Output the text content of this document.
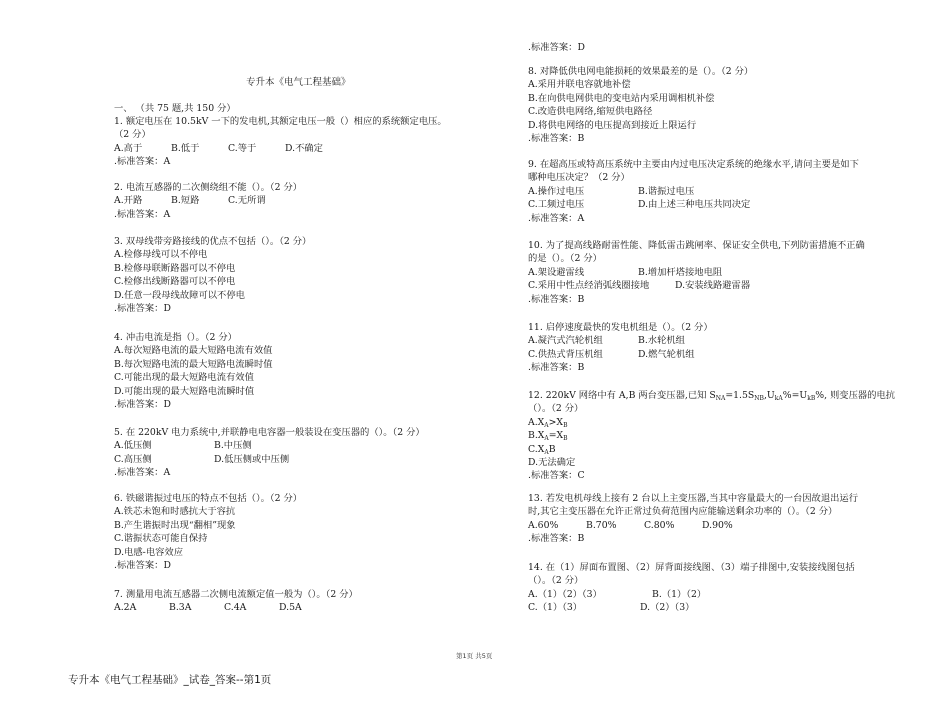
.标准答案：D

专升本《电气工程基础》
一、 （共 75 题,共 150 分）

1. 额定电压在 10.5kV 一下的发电机,其额定电压一般（）相应的系统额定电压。

（2 分）

A.高于	B.低于	C.等于	D.不确定

.标准答案：A

2. 电流互感器的二次侧绕组不能（）。（2 分）

A.开路	B.短路	C.无所谓

.标准答案：A

3. 双母线带旁路接线的优点不包括（）。（2 分）

A.检修母线可以不停电

B.检修母联断路器可以不停电

C.检修出线断路器可以不停电

D.任意一段母线故障可以不停电

.标准答案：D

4. 冲击电流是指（）。（2 分）

A.每次短路电流的最大短路电流有效值

B.每次短路电流的最大短路电流瞬时值

C.可能出现的最大短路电流有效值

D.可能出现的最大短路电流瞬时值

.标准答案：D

5. 在 220kV 电力系统中,并联静电电容器一般装设在变压器的（）。（2 分）

A.低压侧	B.中压侧
C.高压侧	D.低压侧或中压侧

.标准答案：A

6. 铁磁谐振过电压的特点不包括（）。（2 分）

A.铁芯未饱和时感抗大于容抗

B.产生谐振时出现“翻相”现象

C.谐振状态可能自保持

D.电感-电容效应

.标准答案：D

7. 测量用电流互感器二次侧电流额定值一般为（）。（2 分）

A.2A	B.3A	C.4A	D.5A

8. 对降低供电网电能损耗的效果最差的是（）。（2 分）

A.采用并联电容就地补偿

B.在向供电网供电的变电站内采用调相机补偿

C.改造供电网络,缩短供电路径

D.将供电网络的电压提高到接近上限运行

.标准答案：B

9. 在超高压或特高压系统中主要由内过电压决定系统的绝缘水平,请问主要是如下

哪种电压决定？（2 分）

A.操作过电压	B.谐振过电压
C.工频过电压	D.由上述三种电压共同决定

.标准答案：A

10. 为了提高线路耐雷性能、降低雷击跳闸率、保证安全供电,下列防雷措施不正确

的是（）。（2 分）

A.架设避雷线	B.增加杆塔接地电阻
C.采用中性点经消弧线圈接地	D.安装线路避雷器

.标准答案：B

11. 启停速度最快的发电机组是（）。（2 分）

A.凝汽式汽轮机组	B.水轮机组
C.供热式背压机组	D.燃气轮机组

.标准答案：B

12. 220kV 网络中有 A,B 两台变压器,已知 $S_{NA}=1.5S_{NB},U_{kA}\%=U_{kB}\%$, 则变压器的电抗

（）。（2 分）

$A.X_A>X_B$

$B.X_A=X_B$

$C.X_AB$

D.无法确定

.标准答案：C

13. 若发电机母线上接有 2 台以上主变压器,当其中容量最大的一台因故退出运行

时,其它主变压器在允许正常过负荷范围内应能输送剩余功率的（）。（2 分）

A.60%	B.70%	C.80%	D.90%

.标准答案：B

14. 在（1）屏面布置图、（2）屏背面接线图、（3）端子排图中,安装接线图包括

（）。（2 分）

A.（1）（2）（3）	B.（1）（2）
C.（1）（3）	D.（2）（3）
第1页 共5页
专升本《电气工程基础》_试卷_答案--第1页
